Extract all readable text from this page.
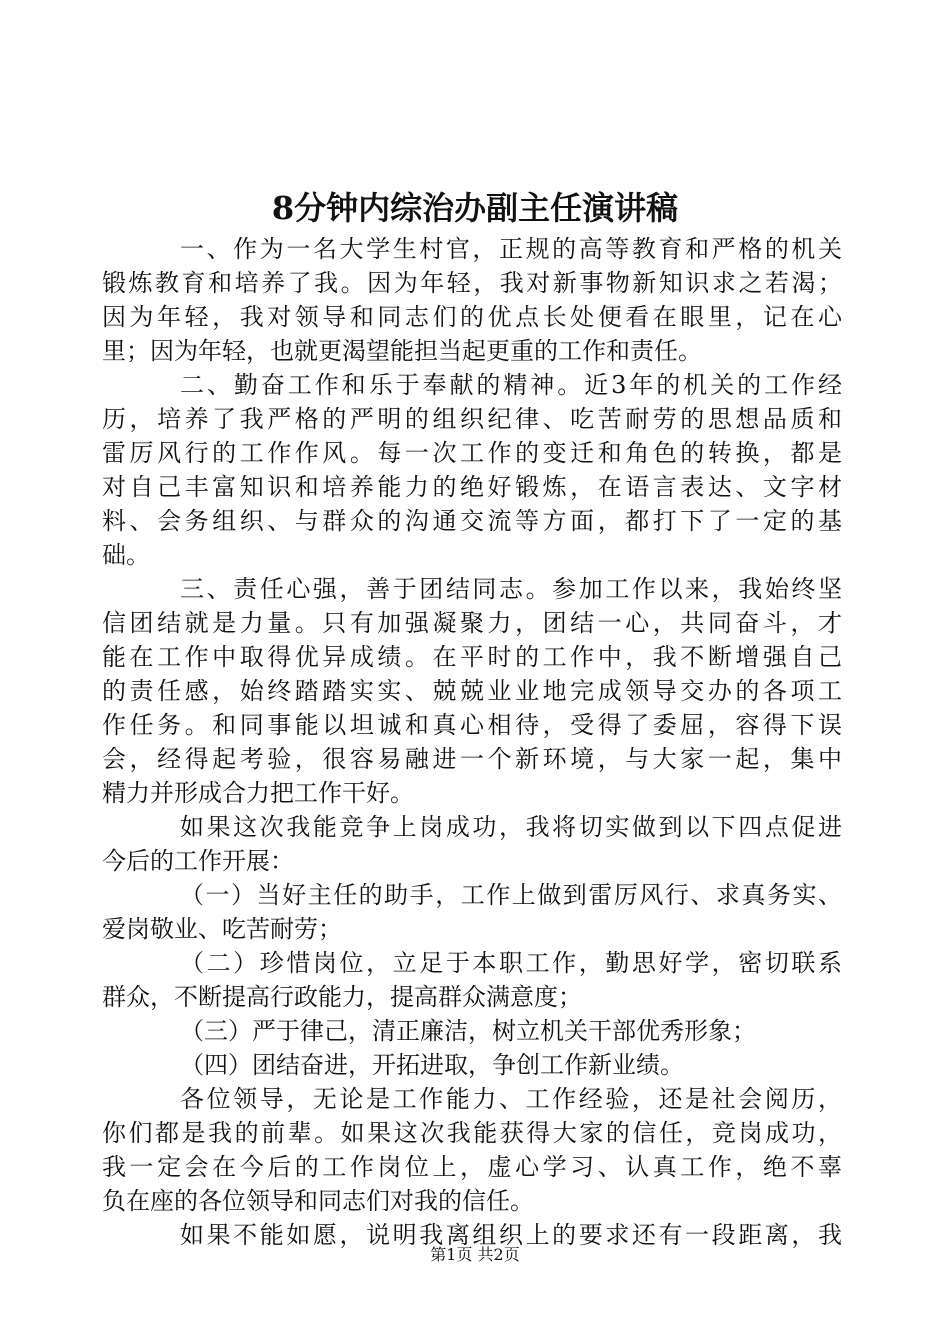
8分钟内综治办副主任演讲稿
一、作为一名大学生村官，正规的高等教育和严格的机关
锻炼教育和培养了我。因为年轻，我对新事物新知识求之若渴；
因为年轻，我对领导和同志们的优点长处便看在眼里，记在心
里；因为年轻，也就更渴望能担当起更重的工作和责任。
二、勤奋工作和乐于奉献的精神。近3年的机关的工作经
历，培养了我严格的严明的组织纪律、吃苦耐劳的思想品质和
雷厉风行的工作作风。每一次工作的变迁和角色的转换，都是
对自己丰富知识和培养能力的绝好锻炼，在语言表达、文字材
料、会务组织、与群众的沟通交流等方面，都打下了一定的基
础。
三、责任心强，善于团结同志。参加工作以来，我始终坚
信团结就是力量。只有加强凝聚力，团结一心，共同奋斗，才
能在工作中取得优异成绩。在平时的工作中，我不断增强自己
的责任感，始终踏踏实实、兢兢业业地完成领导交办的各项工
作任务。和同事能以坦诚和真心相待，受得了委屈，容得下误
会，经得起考验，很容易融进一个新环境，与大家一起，集中
精力并形成合力把工作干好。
如果这次我能竞争上岗成功，我将切实做到以下四点促进
今后的工作开展：
（一）当好主任的助手，工作上做到雷厉风行、求真务实、
爱岗敬业、吃苦耐劳；
（二）珍惜岗位，立足于本职工作，勤思好学，密切联系
群众，不断提高行政能力，提高群众满意度；
（三）严于律己，清正廉洁，树立机关干部优秀形象；
（四）团结奋进，开拓进取，争创工作新业绩。
各位领导，无论是工作能力、工作经验，还是社会阅历，
你们都是我的前辈。如果这次我能获得大家的信任，竞岗成功，
我一定会在今后的工作岗位上，虚心学习、认真工作，绝不辜
负在座的各位领导和同志们对我的信任。
如果不能如愿，说明我离组织上的要求还有一段距离，我
第1页 共2页
